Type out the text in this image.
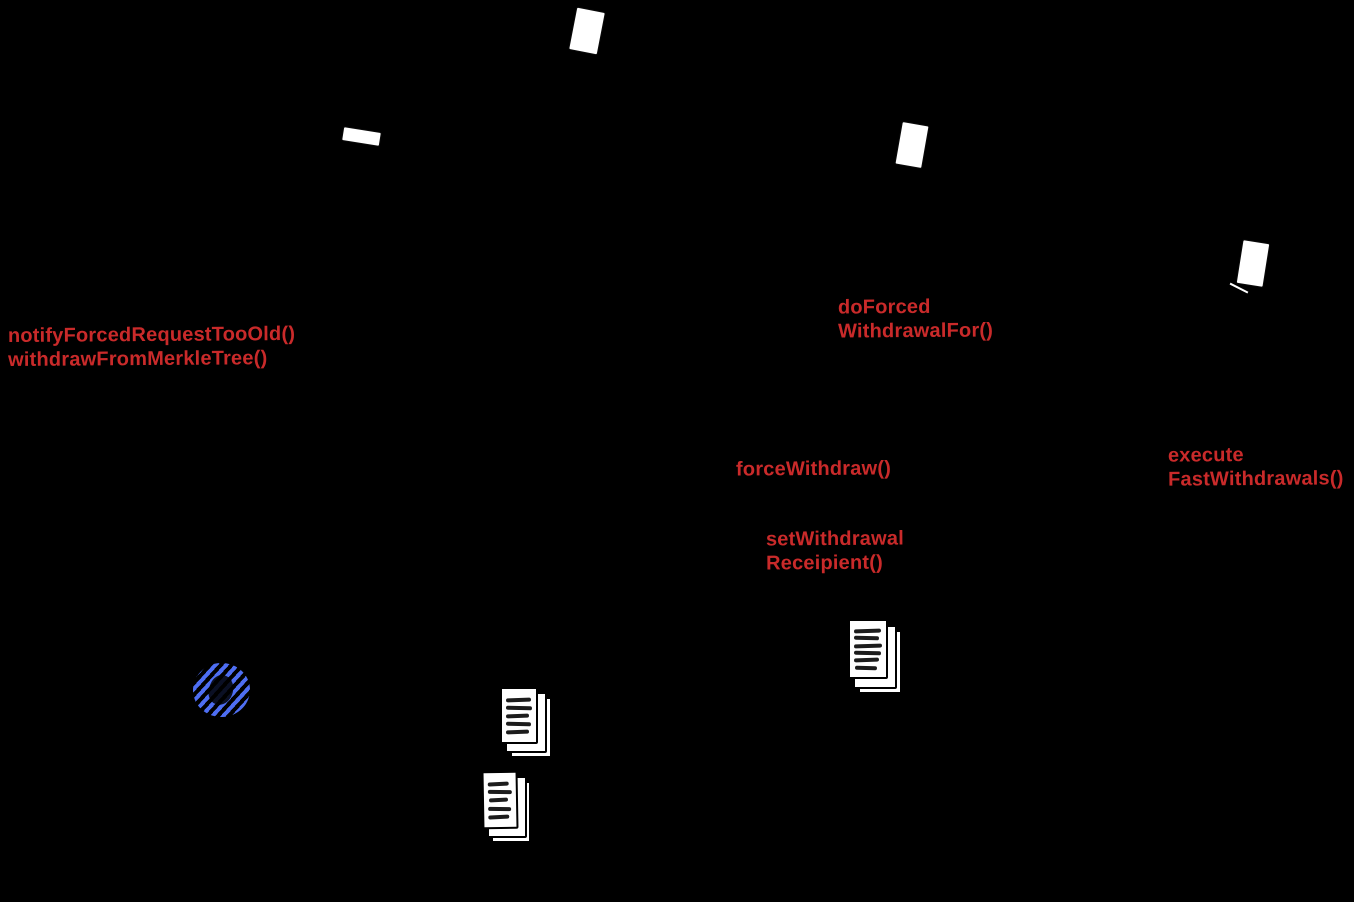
notifyForcedRequestTooOld()
withdrawFromMerkleTree()
doForced
WithdrawalFor()
forceWithdraw()
execute
FastWithdrawals()
setWithdrawal
Receipient()
